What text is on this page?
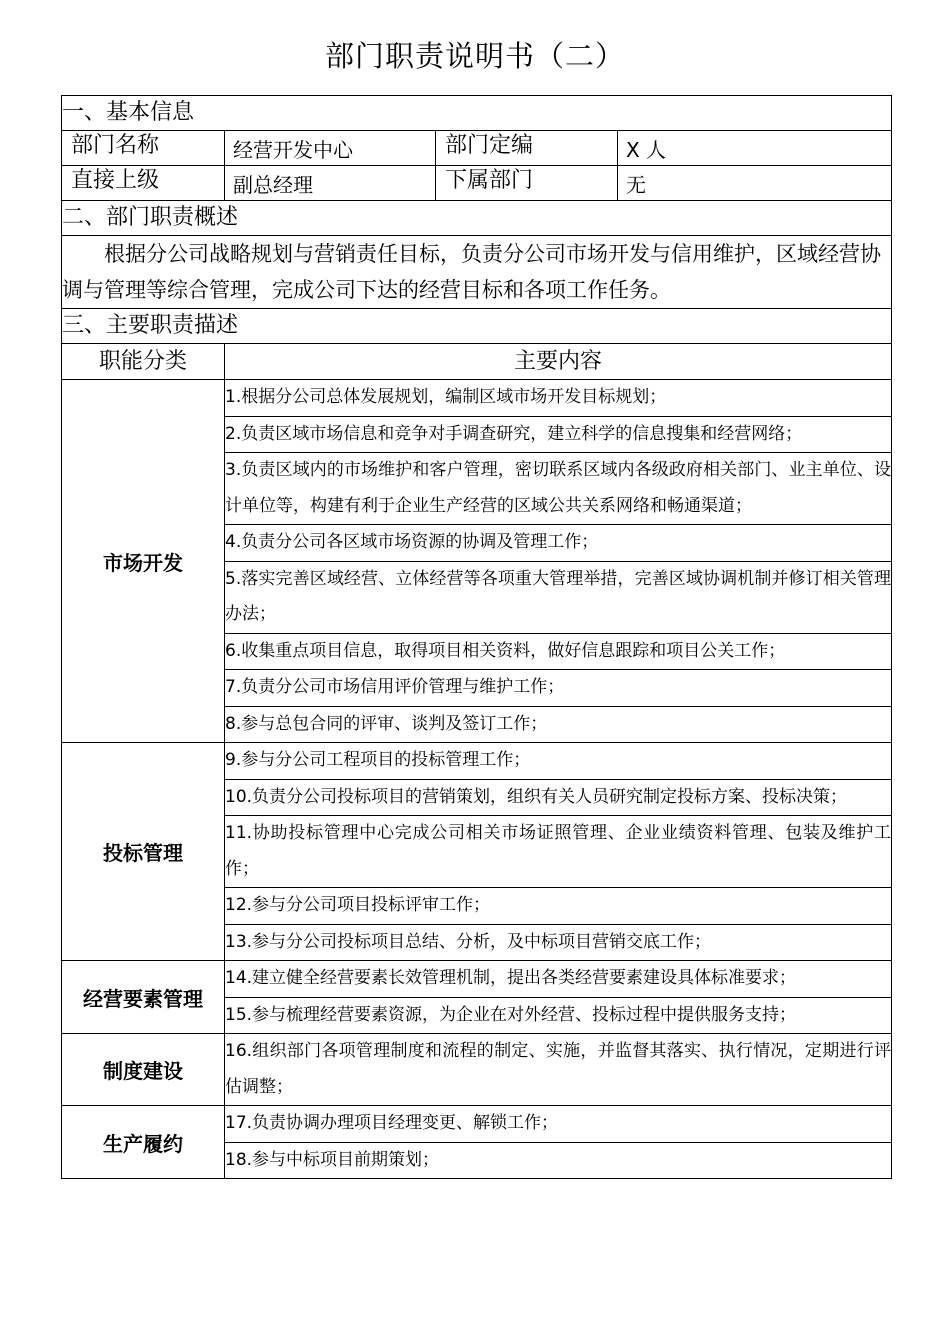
部门职责说明书（二）
一、基本信息			
部门名称	经营开发中心	部门定编	X 人
直接上级	副总经理	下属部门	无
二、部门职责概述			
根据分公司战略规划与营销责任目标，负责分公司市场开发与信用维护，区域经营协调与管理等综合管理，完成公司下达的经营目标和各项工作任务。			
三、主要职责描述			
职能分类	主要内容		
市场开发	1.根据分公司总体发展规划，编制区域市场开发目标规划；		
	2.负责区域市场信息和竞争对手调查研究，建立科学的信息搜集和经营网络；		
	3.负责区域内的市场维护和客户管理，密切联系区域内各级政府相关部门、业主单位、设计单位等，构建有利于企业生产经营的区域公共关系网络和畅通渠道；		
	4.负责分公司各区域市场资源的协调及管理工作；		
	5.落实完善区域经营、立体经营等各项重大管理举措，完善区域协调机制并修订相关管理办法；		
	6.收集重点项目信息，取得项目相关资料，做好信息跟踪和项目公关工作；		
	7.负责分公司市场信用评价管理与维护工作；		
	8.参与总包合同的评审、谈判及签订工作；		
投标管理	9.参与分公司工程项目的投标管理工作；		
	10.负责分公司投标项目的营销策划，组织有关人员研究制定投标方案、投标决策；		
	11.协助投标管理中心完成公司相关市场证照管理、企业业绩资料管理、包装及维护工作；		
	12.参与分公司项目投标评审工作；		
	13.参与分公司投标项目总结、分析，及中标项目营销交底工作；		
经营要素管理	14.建立健全经营要素长效管理机制，提出各类经营要素建设具体标准要求；		
	15.参与梳理经营要素资源，为企业在对外经营、投标过程中提供服务支持；		
制度建设	16.组织部门各项管理制度和流程的制定、实施，并监督其落实、执行情况，定期进行评估调整；		
生产履约	17.负责协调办理项目经理变更、解锁工作；		
	18.参与中标项目前期策划；		
